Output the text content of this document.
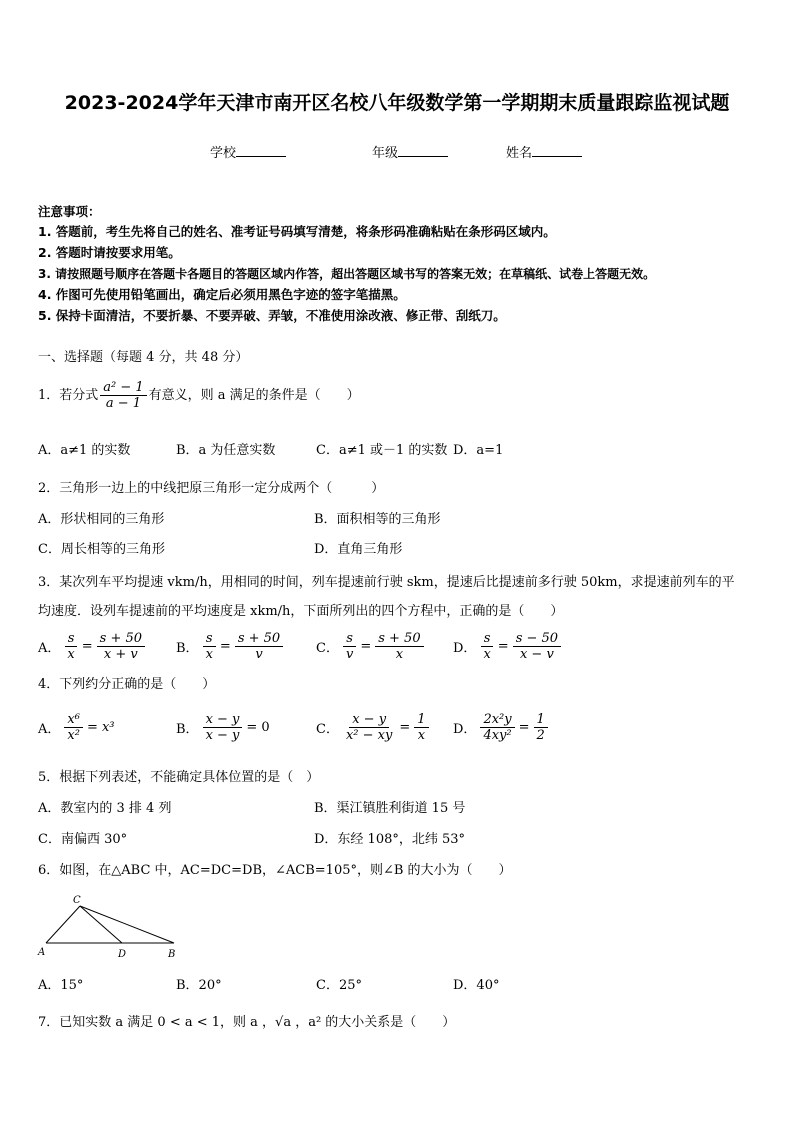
2023-2024学年天津市南开区名校八年级数学第一学期期末质量跟踪监视试题
学校	年级	姓名
注意事项：
1. 答题前，考生先将自己的姓名、准考证号码填写清楚，将条形码准确粘贴在条形码区域内。
2. 答题时请按要求用笔。
3. 请按照题号顺序在答题卡各题目的答题区域内作答，超出答题区域书写的答案无效；在草稿纸、试卷上答题无效。
4. 作图可先使用铅笔画出，确定后必须用黑色字迹的签字笔描黑。
5. 保持卡面清洁，不要折暴、不要弄破、弄皱，不准使用涂改液、修正带、刮纸刀。
一、选择题（每题 4 分，共 48 分）
1．若分式 $\frac{\text{a² − 1}}{a - 1}$ 有意义，则 a 满足的条件是（　　）
A．a≠1 的实数	B．a 为任意实数	C．a≠1 或－1 的实数 D．a=1
2．三角形一边上的中线把原三角形一定分成两个（　　　）
A．形状相同的三角形	B．面积相等的三角形
C．周长相等的三角形	D．直角三角形
3．某次列车平均提速 vkm/h，用相同的时间，列车提速前行驶 skm，提速后比提速前多行驶 50km，求提速前列车的平
均速度．设列车提速前的平均速度是 xkm/h，下面所列出的四个方程中，正确的是（　　）
A． $\frac{s}{x} = \frac{s + 50}{x + v}$ B． $\frac{s}{x} = \frac{s + 50}{v}$	C． $\frac{s}{v} = \frac{s + 50}{x}$ D． $\frac{s}{x} = \frac{s - 50}{x - v}$
4．下列约分正确的是（　　）
A． $\frac{\text{x⁶}}{\text{x²}} = x^3$	B． $\frac{x - y}{x - y} = 0$	C． $\frac{x - y}{\text{x² − xy}} = \frac{1}{x}$ D． $\frac{\text{2x²y}}{\text{4xy²}} = \frac{1}{2}$
5．根据下列表述，不能确定具体位置的是（　）
A．教室内的 3 排 4 列	B．渠江镇胜利街道 15 号
C．南偏西 30°	D．东经 108°，北纬 53°
6．如图，在△ABC 中，AC=DC=DB，∠ACB=105°，则∠B 的大小为（　　）
C
A	D	B
A．15°	B．20°	C．25°	D．40°
7．已知实数 a 满足 0 < a < 1，则 a ，√a ，a² 的大小关系是（　　）
